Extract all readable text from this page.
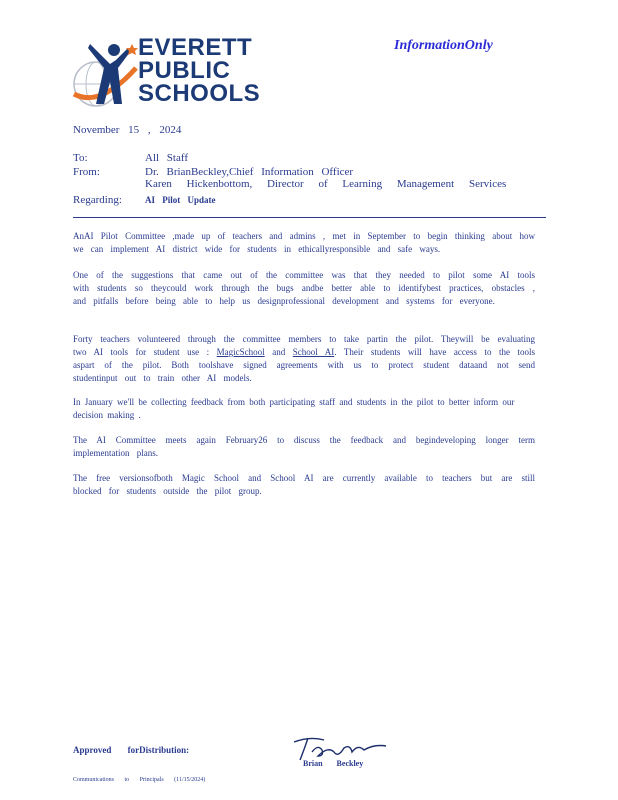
EVERETT
PUBLIC
SCHOOLS
InformationOnly
November 15 , 2024
To:	All Staff
From:	Dr. BrianBeckley,Chief Information Officer
Karen Hickenbottom, Director of Learning Management Services
Regarding:	AI Pilot Update

AnAI Pilot Committee ,made up of teachers and admins , met in September to begin thinking about how we can implement AI district wide for students in ethicallyresponsible and safe ways.

One of the suggestions that came out of the committee was that they needed to pilot some AI tools with students so theycould work through the bugs andbe better able to identifybest practices, obstacles , and pitfalls before being able to help us designprofessional development and systems for everyone.

Forty teachers volunteered through the committee members to take partin the pilot. Theywill be evaluating two AI tools for student use : MagicSchool and School AI. Their students will have access to the tools aspart of the pilot. Both toolshave signed agreements with us to protect student dataand not send studentinput out to train other AI models.

In January we'll be collecting feedback from both participating staff and students in the pilot to better inform our decision making .

The AI Committee meets again February26 to discuss the feedback and begindeveloping longer term implementation plans.

The free versionsofboth Magic School and School AI are currently available to teachers but are still blocked for students outside the pilot group.

Approved forDistribution:
Brian Beckley
Communications to Principals (11/15/2024)
